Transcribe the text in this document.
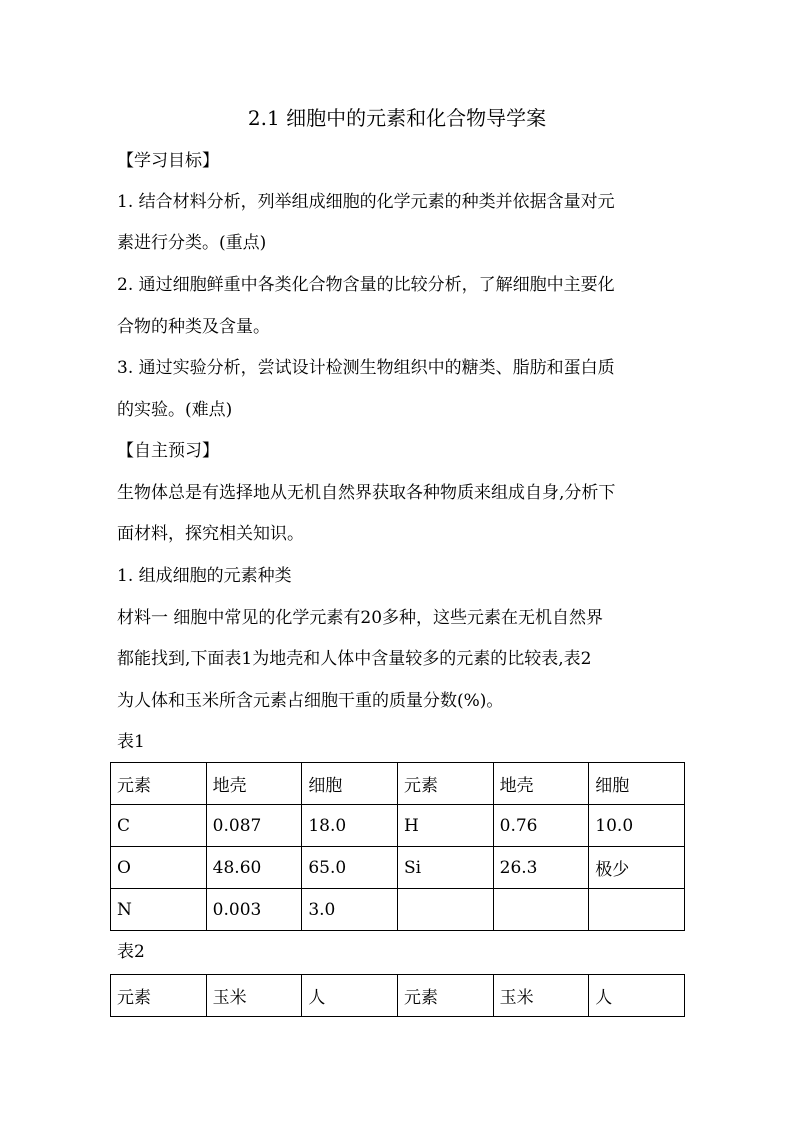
2.1 细胞中的元素和化合物导学案
【学习目标】
1. 结合材料分析，列举组成细胞的化学元素的种类并依据含量对元
素进行分类。(重点)
2. 通过细胞鲜重中各类化合物含量的比较分析，了解细胞中主要化
合物的种类及含量。
3. 通过实验分析，尝试设计检测生物组织中的糖类、脂肪和蛋白质
的实验。(难点)
【自主预习】
生物体总是有选择地从无机自然界获取各种物质来组成自身,分析下
面材料，探究相关知识。
1. 组成细胞的元素种类
材料一 细胞中常见的化学元素有20多种，这些元素在无机自然界
都能找到,下面表1为地壳和人体中含量较多的元素的比较表,表2
为人体和玉米所含元素占细胞干重的质量分数(%)。
表1
元素	地壳	细胞	元素	地壳	细胞
C	0.087	18.0	H	0.76	10.0
O	48.60	65.0	Si	26.3	极少
N	0.003	3.0			
表2
元素	玉米	人	元素	玉米	人
